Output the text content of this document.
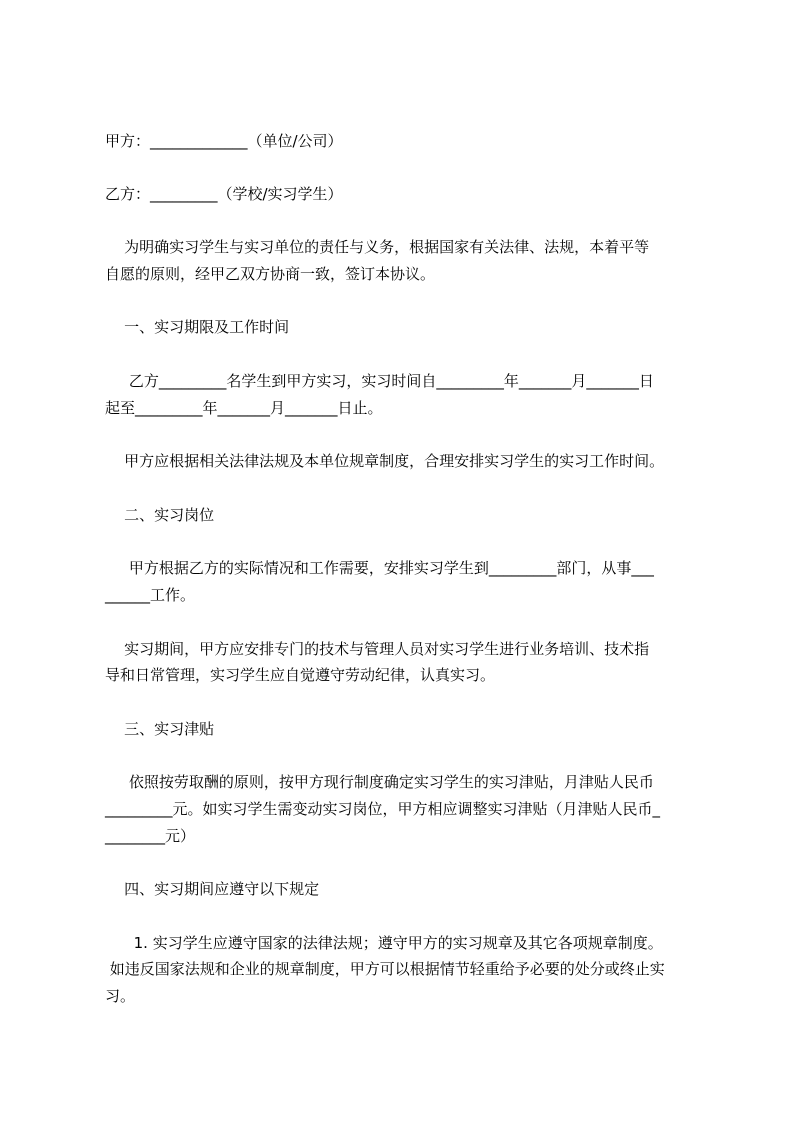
甲方：_____________（单位/公司）
乙方：_________（学校/实习学生）
为明确实习学生与实习单位的责任与义务，根据国家有关法律、法规，本着平等
自愿的原则，经甲乙双方协商一致，签订本协议。
一、实习期限及工作时间
乙方_________名学生到甲方实习，实习时间自_________年_______月_______日
起至_________年_______月_______日止。
甲方应根据相关法律法规及本单位规章制度，合理安排实习学生的实习工作时间。
二、实习岗位
甲方根据乙方的实际情况和工作需要，安排实习学生到_________部门，从事___
______工作。
实习期间，甲方应安排专门的技术与管理人员对实习学生进行业务培训、技术指
导和日常管理，实习学生应自觉遵守劳动纪律，认真实习。
三、实习津贴
依照按劳取酬的原则，按甲方现行制度确定实习学生的实习津贴，月津贴人民币
_________元。如实习学生需变动实习岗位，甲方相应调整实习津贴（月津贴人民币_
________元）
四、实习期间应遵守以下规定
1. 实习学生应遵守国家的法律法规；遵守甲方的实习规章及其它各项规章制度。
如违反国家法规和企业的规章制度，甲方可以根据情节轻重给予必要的处分或终止实
习。
